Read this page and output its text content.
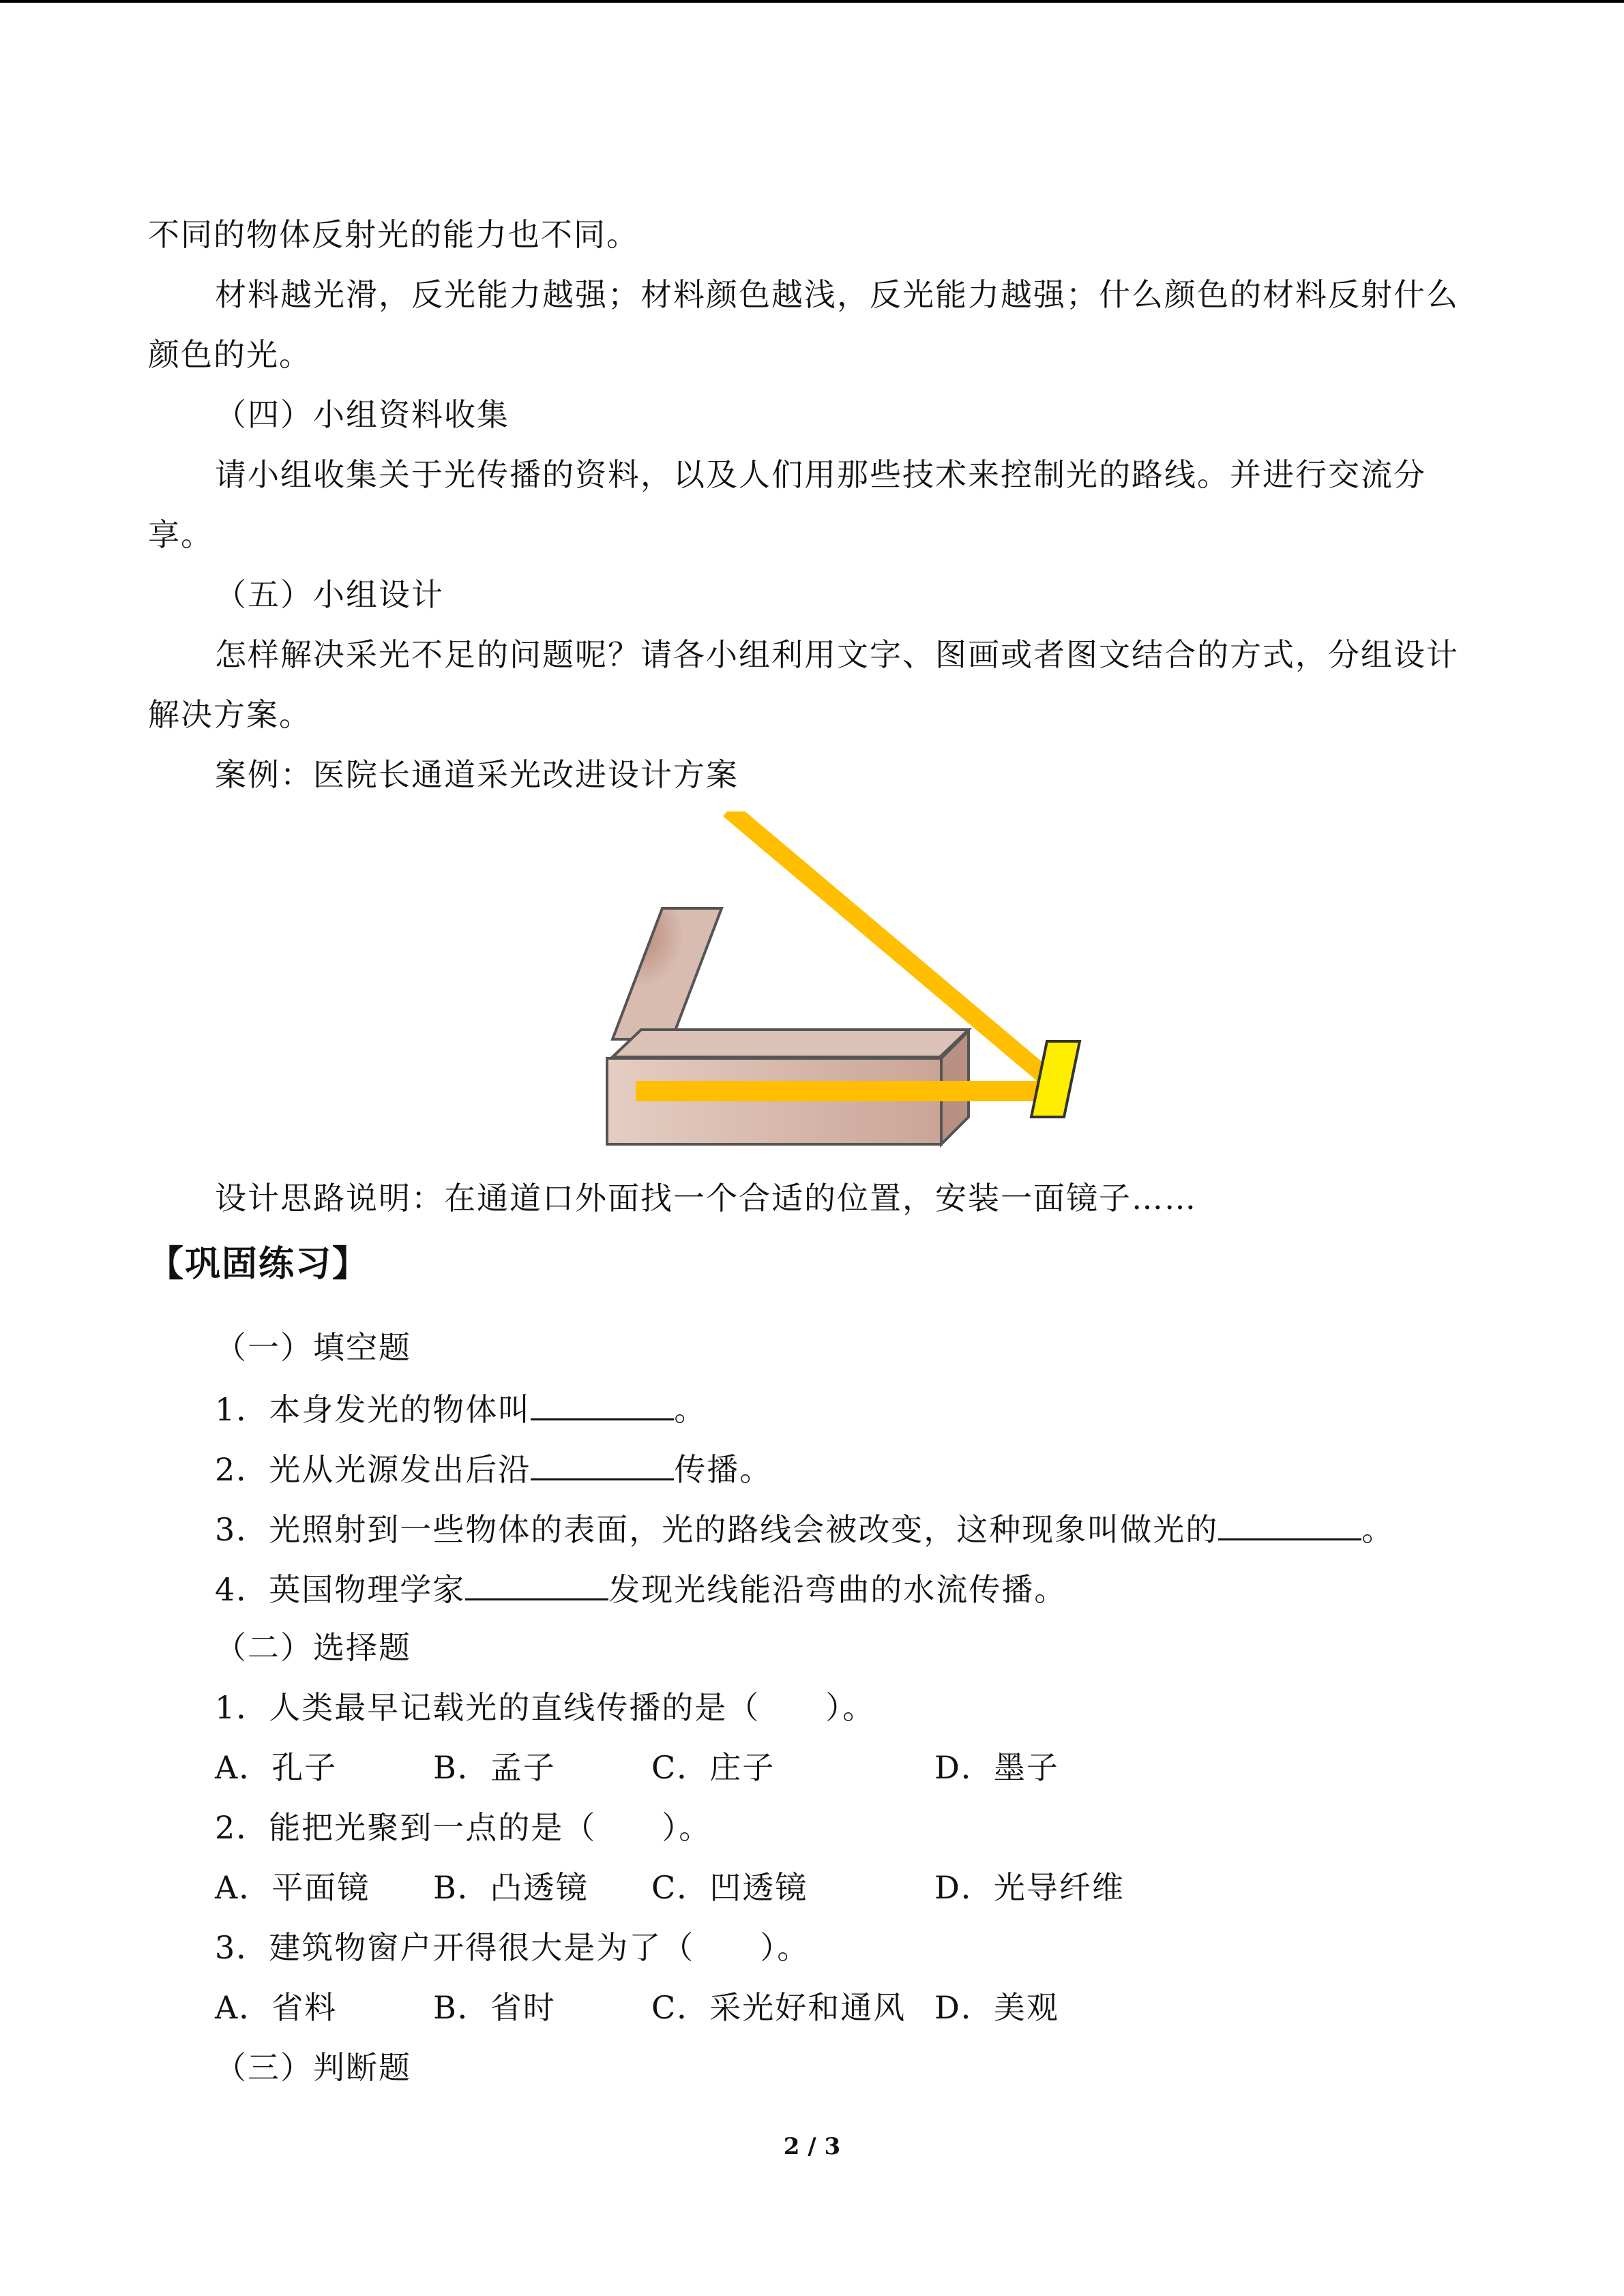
不同的物体反射光的能力也不同。
材料越光滑，反光能力越强；材料颜色越浅，反光能力越强；什么颜色的材料反射什么
颜色的光。
（四）小组资料收集
请小组收集关于光传播的资料，以及人们用那些技术来控制光的路线。并进行交流分
享。
（五）小组设计
怎样解决采光不足的问题呢？请各小组利用文字、图画或者图文结合的方式，分组设计
解决方案。
案例：医院长通道采光改进设计方案
设计思路说明：在通道口外面找一个合适的位置，安装一面镜子……
【巩固练习】
（一）填空题
1．本身发光的物体叫	。
2．光从光源发出后沿	传播。
3．光照射到一些物体的表面，光的路线会被改变，这种现象叫做光的	。
4．英国物理学家	发现光线能沿弯曲的水流传播。
（二）选择题
1．人类最早记载光的直线传播的是（　　）。
A．孔子	B．孟子	C．庄子	D．墨子
2．能把光聚到一点的是（　　）。
A．平面镜 B．凸透镜 C．凹透镜	D．光导纤维
3．建筑物窗户开得很大是为了（　　）。
A．省料	B．省时	C．采光好和通风 D．美观
（三）判断题
2 / 3
